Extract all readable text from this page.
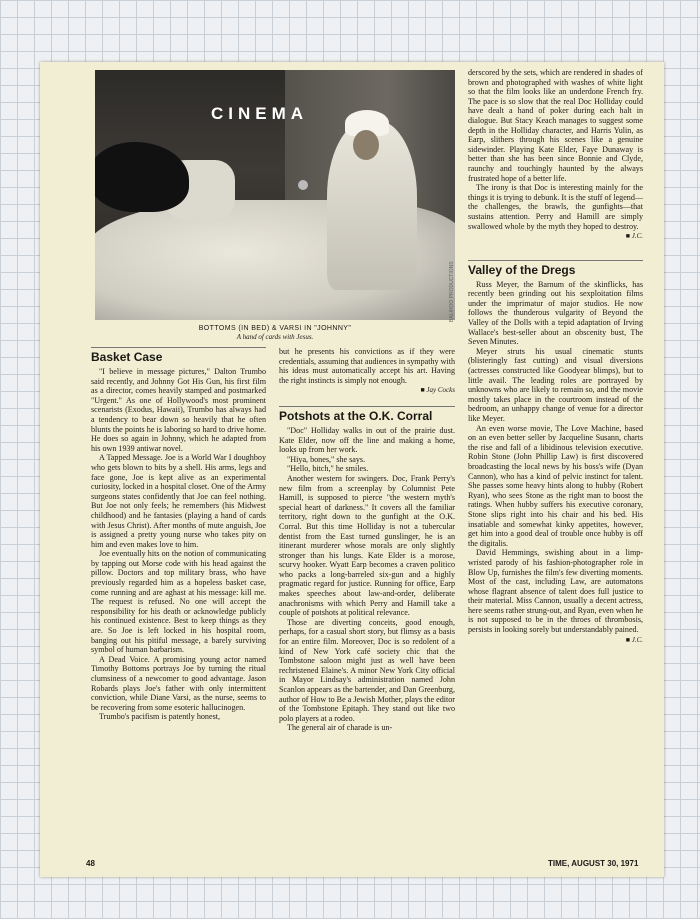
CINEMA
BALIHOO PRODUCTIONS
BOTTOMS (IN BED) & VARSI IN "JOHNNY"
A hand of cards with Jesus.

Basket Case

"I believe in message pictures," Dalton Trumbo said recently, and Johnny Got His Gun, his first film as a director, comes heavily stamped and postmarked "Urgent." As one of Hollywood's most prominent scenarists (Exodus, Hawaii), Trumbo has always had a tendency to bear down so heavily that he often blunts the points he is laboring so hard to drive home. He does so again in Johnny, which he adapted from his own 1939 antiwar novel.

A Tapped Message. Joe is a World War I doughboy who gets blown to bits by a shell. His arms, legs and face gone, Joe is kept alive as an experimental curiosity, locked in a hospital closet. One of the Army surgeons states confidently that Joe can feel nothing. But Joe not only feels; he remembers (his Midwest childhood) and he fantasies (playing a hand of cards with Jesus Christ). After months of mute anguish, Joe is assigned a pretty young nurse who takes pity on him and even makes love to him.

Joe eventually hits on the notion of communicating by tapping out Morse code with his head against the pillow. Doctors and top military brass, who have previously regarded him as a hopeless basket case, come running and are aghast at his message: kill me. The request is refused. No one will accept the responsibility for his death or acknowledge publicly his continued existence. Best to keep things as they are. So Joe is left locked in his hospital room, banging out his pitiful message, a barely surviving symbol of human barbarism.

A Dead Voice. A promising young actor named Timothy Bottoms portrays Joe by turning the ritual clumsiness of a newcomer to good advantage. Jason Robards plays Joe's father with only intermittent conviction, while Diane Varsi, as the nurse, seems to be recovering from some esoteric hallucinogen.

Trumbo's pacifism is patently honest,

but he presents his convictions as if they were credentials, assuming that audiences in sympathy with his ideas must automatically accept his art. Having the right instincts is simply not enough.

■ Jay Cocks

Potshots at the O.K. Corral

"Doc" Holliday walks in out of the prairie dust. Kate Elder, now off the line and making a home, looks up from her work.

"Hiya, bones," she says.

"Hello, bitch," he smiles.

Another western for swingers. Doc, Frank Perry's new film from a screenplay by Columnist Pete Hamill, is supposed to pierce "the western myth's special heart of darkness." It covers all the familiar territory, right down to the gunfight at the O.K. Corral. But this time Holliday is not a tubercular dentist from the East turned gunslinger, he is an itinerant murderer whose morals are only slightly stronger than his lungs. Kate Elder is a morose, scurvy hooker. Wyatt Earp becomes a craven politico who packs a long-barreled six-gun and a highly pragmatic regard for justice. Running for office, Earp makes speeches about law-and-order, deliberate anachronisms with which Perry and Hamill take a couple of potshots at political relevance.

Those are diverting conceits, good enough, perhaps, for a casual short story, but flimsy as a basis for an entire film. Moreover, Doc is so redolent of a kind of New York café society chic that the Tombstone saloon might just as well have been rechristened Elaine's. A minor New York City official in Mayor Lindsay's administration named John Scanlon appears as the bartender, and Dan Greenburg, author of How to Be a Jewish Mother, plays the editor of the Tombstone Epitaph. They stand out like two polo players at a rodeo.

The general air of charade is un-

derscored by the sets, which are rendered in shades of brown and photographed with washes of white light so that the film looks like an underdone French fry. The pace is so slow that the real Doc Holliday could have dealt a hand of poker during each halt in dialogue. But Stacy Keach manages to suggest some depth in the Holliday character, and Harris Yulin, as Earp, slithers through his scenes like a genuine sidewinder. Playing Kate Elder, Faye Dunaway is better than she has been since Bonnie and Clyde, raunchy and touchingly haunted by the always frustrated hope of a better life.

The irony is that Doc is interesting mainly for the things it is trying to debunk. It is the stuff of legend—the challenges, the brawls, the gunfights—that sustains attention. Perry and Hamill are simply swallowed whole by the myth they hoped to destroy.

■ J.C.

Valley of the Dregs

Russ Meyer, the Barnum of the skinflicks, has recently been grinding out his sexploitation films under the imprimatur of major studios. He now follows the thunderous vulgarity of Beyond the Valley of the Dolls with a tepid adaptation of Irving Wallace's best-seller about an obscenity bust, The Seven Minutes.

Meyer struts his usual cinematic stunts (blisteringly fast cutting) and visual diversions (actresses constructed like Goodyear blimps), but to little avail. The leading roles are portrayed by unknowns who are likely to remain so, and the movie mostly takes place in the courtroom instead of the bedroom, an unhappy change of venue for a director like Meyer.

An even worse movie, The Love Machine, based on an even better seller by Jacqueline Susann, charts the rise and fall of a libidinous television executive. Robin Stone (John Phillip Law) is first discovered broadcasting the local news by his boss's wife (Dyan Cannon), who has a kind of pelvic instinct for talent. She passes some heavy hints along to hubby (Robert Ryan), who sees Stone as the right man to boost the ratings. When hubby suffers his executive coronary, Stone slips right into his chair and his bed. His insatiable and somewhat kinky appetites, however, get him into a good deal of trouble once hubby is off the digitalis.

David Hemmings, swishing about in a limp-wristed parody of his fashion-photographer role in Blow Up, furnishes the film's few diverting moments. Most of the cast, including Law, are automatons whose flagrant absence of talent does full justice to their material. Miss Cannon, usually a decent actress, here seems rather strung-out, and Ryan, even when he is not supposed to be in the throes of thrombosis, persists in looking sorely but understandably pained.

■ J.C.

48	TIME, AUGUST 30, 1971
